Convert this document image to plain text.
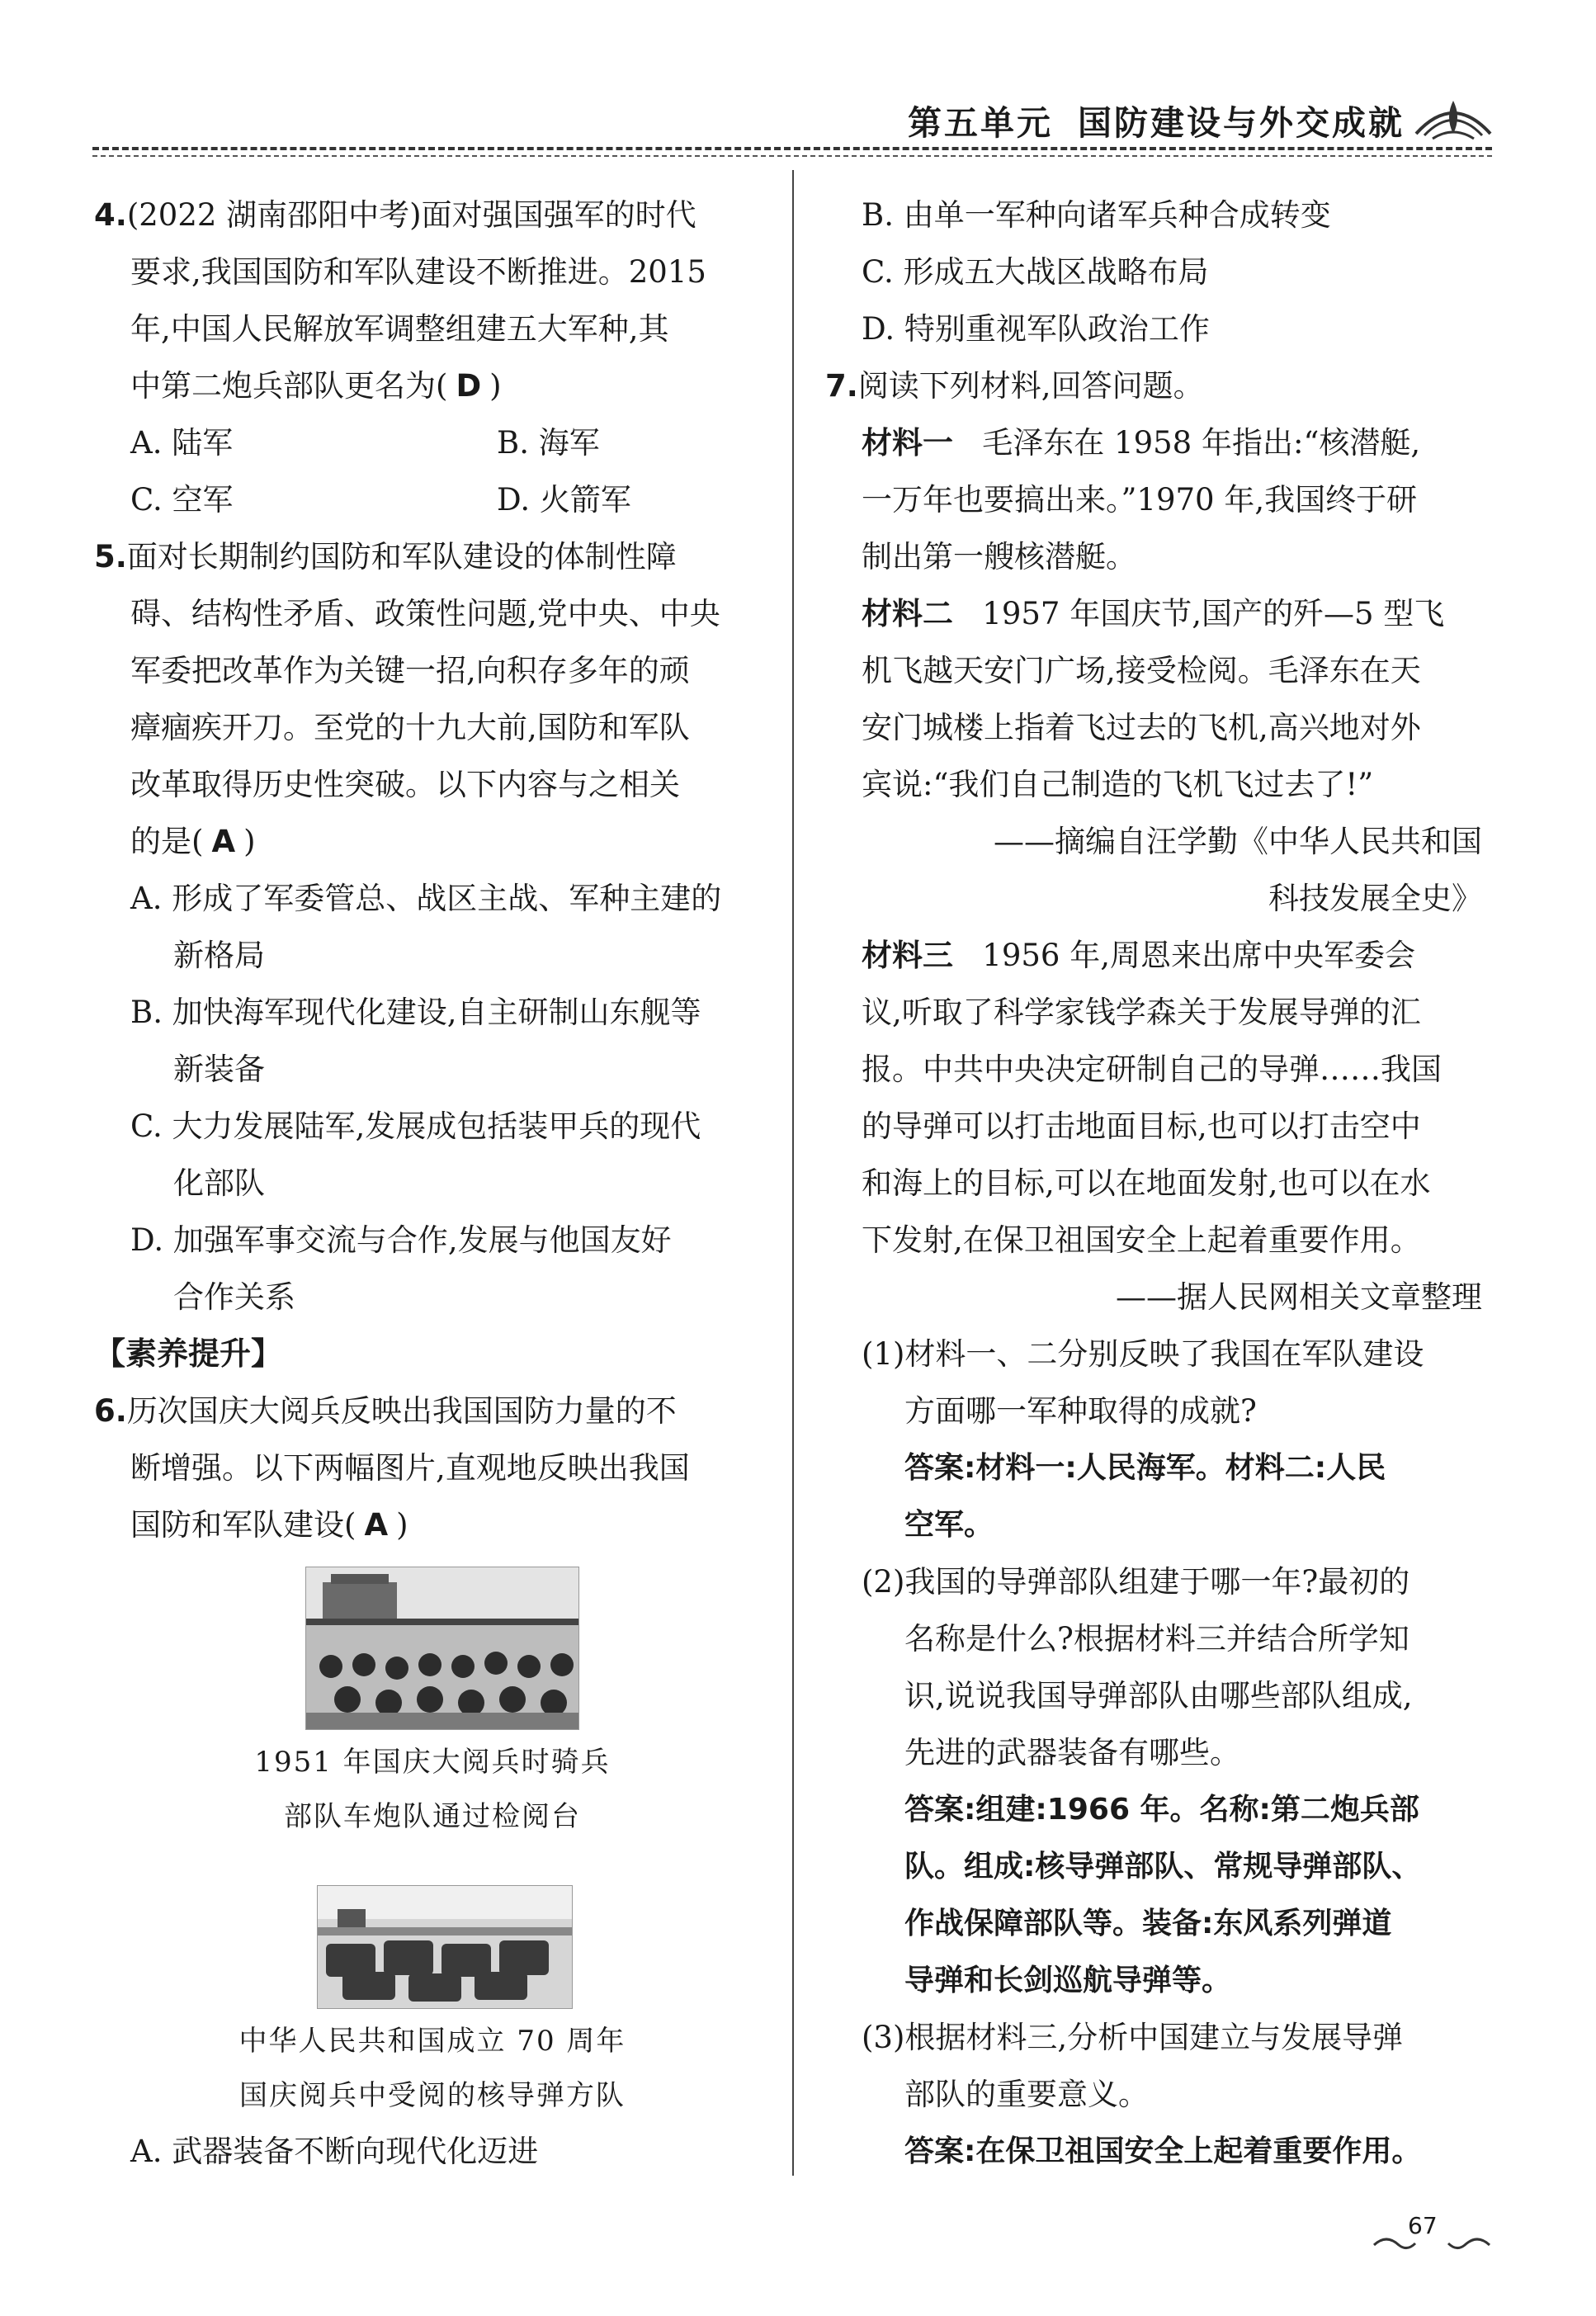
第五单元 国防建设与外交成就
4.(2022 湖南邵阳中考)面对强国强军的时代
要求,我国国防和军队建设不断推进。2015
年,中国人民解放军调整组建五大军种,其
中第二炮兵部队更名为( D )
A. 陆军	B. 海军
C. 空军	D. 火箭军
5.面对长期制约国防和军队建设的体制性障
碍、结构性矛盾、政策性问题,党中央、中央
军委把改革作为关键一招,向积存多年的顽
瘴痼疾开刀。至党的十九大前,国防和军队
改革取得历史性突破。以下内容与之相关
的是( A )
A. 形成了军委管总、战区主战、军种主建的
新格局
B. 加快海军现代化建设,自主研制山东舰等
新装备
C. 大力发展陆军,发展成包括装甲兵的现代
化部队
D. 加强军事交流与合作,发展与他国友好
合作关系
【素养提升】
6.历次国庆大阅兵反映出我国国防力量的不
断增强。以下两幅图片,直观地反映出我国
国防和军队建设( A )
1951 年国庆大阅兵时骑兵
部队车炮队通过检阅台
中华人民共和国成立 70 周年
国庆阅兵中受阅的核导弹方队
A. 武器装备不断向现代化迈进
B. 由单一军种向诸军兵种合成转变
C. 形成五大战区战略布局
D. 特别重视军队政治工作
7.阅读下列材料,回答问题。
材料一 毛泽东在 1958 年指出:“核潜艇,
一万年也要搞出来。”1970 年,我国终于研
制出第一艘核潜艇。
材料二 1957 年国庆节,国产的歼—5 型飞
机飞越天安门广场,接受检阅。毛泽东在天
安门城楼上指着飞过去的飞机,高兴地对外
宾说:“我们自己制造的飞机飞过去了!”
——摘编自汪学勤《中华人民共和国
科技发展全史》
材料三 1956 年,周恩来出席中央军委会
议,听取了科学家钱学森关于发展导弹的汇
报。中共中央决定研制自己的导弹……我国
的导弹可以打击地面目标,也可以打击空中
和海上的目标,可以在地面发射,也可以在水
下发射,在保卫祖国安全上起着重要作用。
——据人民网相关文章整理
(1)材料一、二分别反映了我国在军队建设
方面哪一军种取得的成就?
答案:材料一:人民海军。材料二:人民
空军。
(2)我国的导弹部队组建于哪一年?最初的
名称是什么?根据材料三并结合所学知
识,说说我国导弹部队由哪些部队组成,
先进的武器装备有哪些。
答案:组建:1966 年。名称:第二炮兵部
队。组成:核导弹部队、常规导弹部队、
作战保障部队等。装备:东风系列弹道
导弹和长剑巡航导弹等。
(3)根据材料三,分析中国建立与发展导弹
部队的重要意义。
答案:在保卫祖国安全上起着重要作用。
67
